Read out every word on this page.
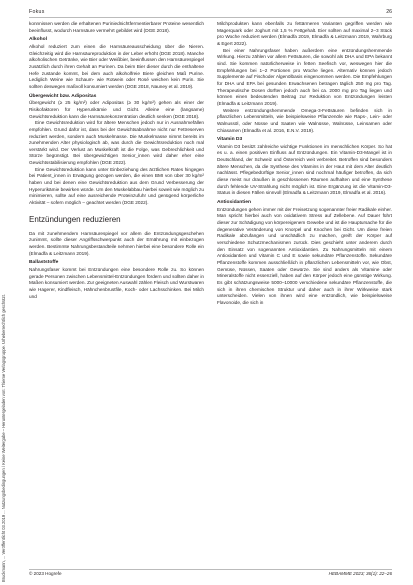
Bruckmann, ... Veröffentlicht 03.2019 ... Nutzungsbedingungen / Keine Weitergabe – Heruntergeladen von: Thieme Verlagsgruppe. Urheberrechtlich geschützt.
Fokus	26

konnnissen werden die erhaltenen Puriniednichtfermentierbarer Proteine wesentlich beeinflusst, wodurch Harnsäure vermehrt gebildet wird (DGE 2018).

Alkohol

Alkohol reduziert zum einen die Harnsäureausscheidung über die Nieren. Gleichzeitig wird die Harnsäureproduktion in der Leber erhöht (DGE 2018). Manche alkoholischen Getränke, wie Bier oder Weißbier, beeinflussen den Harnsäurespiegel zusätzlich durch ihren Gehalt an Purinen. Da beim Bier dieser durch die enthaltene Hefe zustande kommt, bei dem auch alkoholfreie Biere gleichen Maß Purine. Lediglich Weine wie Schaum- wie Rotwein oder Rosé weichen kein Purin. Sie sollten deswegen maßvoll konsumiert werden (DGE 2018, Nauney et al. 2019).

Übergewicht bzw. Adipositas

Übergewicht (≥ 25 kg/m²) oder Adipositas (≥ 30 kg/m²) gehen als einer der Risikofaktoren für Hyperurikämie und Gicht. Alleine eine (langsame) Gewichtsreduktion kann die Harnsäurekonzentration deutlich senken (DGE 2018).

Eine Gewichtsreduktion wird für ältere Menschen jedoch nur in Ausnahmefällen empfohlen. Grund dafür ist, dass bei der Gewichtsabnahme nicht nur Fettreserven reduziert werden, sondern auch Muskelmasse. Die Muskelmasse nimmt bereits im zunehmenden Alter physiologisch ab, was durch die Gewichtsreduktion noch mal verstärkt wird. Der Verlust an Muskelkraft ist die Folge, was Gebrechlichkeit und Stürze begünstigt. Bei übergewichtigen Senior_innen wird daher eher eine Gewichtsstabilisierung empfohlen (DGE 2022).

Eine Gewichtsreduktion kann unter Einbeziehung des ärztlichen Rates hingegen bei Patient_innen in Erwägung gezogen werden, die einen BMI von über 30 kg/m² haben und bei denen eine Gewichtsreduktion aus dem Grund Verbesserung der Hyperurikämie bewirken würde. Um den Muskelabbau hierbei soweit wie möglich zu minimieren, sollte auf eine ausreichende Proteinzufuhr und genügend körperliche Aktivität – sofern möglich – geachtet werden (DGE 2022).

Entzündungen reduzieren

Da mit zunehmendem Harnsäurespiegel vor allem die Entzündungsgeschehen zunimmt, sollte dieser Angriffsschwerpunkt auch der Ernährung mit einbezogen werden. Bestimmte Nahrungsbestandteile nehmen hierbei eine besondere Rolle ein (Elmadfa & Leitzmann 2019).

Ballaststoffe

Nahrungsfaser kommt bei Entzündungen eine besondere Rolle zu. So können gerade Personen zwischen Lebensmittel-Entzündungen fördern und sollten daher in Maßen konsumiert werden. Zur geeigneten Auswahl zählen Fleisch und Wurstwaren wie Hagerer, Kindfleisch, Hähnchenbrustfile, Koch- oder Lachsschinken. Bei Milch und

Milchprodukten kann ebenfalls zu fettärmeren Varianten gegriffen werden wie Magerquark oder Joghurt mit 1,5 % Fettgehalt. Eier sollten auf maximal 2–3 Stück pro Woche reduziert werden (Elmadfa 2019, Elmadfa & Leitzmann 2019, Wahrburg & Egert 2022).

Bei einer Nahrungsfaser haben außerdem eine entzündungshemmende Wirkung. Hierzu zählen vor allem Fettsäuren, die sowohl als DHA und EPA bekannt sind. Sie kommen natürlicherweise in fetten Seefisch vor, weswegen hier die Empfehlungen bei 1–2 Portionen pro Woche liegen. Alternativ können jedoch Supplemente auf Fischoder Algenölbasis eingenommen werden. Die Empfehlungen für DHA und EPA bei gesunden Erwachsenen betragen täglich 250 mg pro Tag. Therapeutische Dosen dürften jedoch auch bei ca. 2000 mg pro Tag liegen und können einen bedeutenden Beitrag zur Reduktion von Entzündungen leisten (Elmadfa & Leitzmann 2019).

Weitere entzündungshemmende Omega-3-Fettsäuren befinden sich in pflanzlichen Lebensmitteln, wie beispielsweise Pflanzenöle wie Raps-, Lein- oder Walnussöl, oder Nüsse und Saaten wie Walnüsse, Walnüsse, Leinsamen oder Chiasamen (Elmadfa et al. 2016, E.N.V. 2019).

Vitamin D3

Vitamin D3 besitzt zahlreiche wichtige Funktionen im menschlichen Körper. So hat es u. a. einen positiven Einfluss auf Entzündungen. Ein Vitamin-D3-Mangel ist in Deutschland, der Schweiz und Österreich weit verbreitet. Betroffen sind besonders ältere Menschen, da die Synthese des Vitamins in der Haut mit dem Alter deutlich nachlässt. Pflegebedürftige Senior_innen sind nochmal häufiger betroffen, da sich diese meist nur draußen in geschlossenen Räumen aufhalten und eine Synthese durch fehlende UV-Strahlung nicht möglich ist. Eine Ergänzung ist die Vitamin-D3-Status in diesen Fällen sinnvoll (Elmadfa & Leitzmann 2019, Elmadfa et al. 2016).

Antioxidantien

Entzündungen gehen immer mit der Freisetzung sogenannter freier Radikale einher. Man spricht hierbei auch von oxidativem Stress auf Zellebene. Auf Dauer führt dieser zur Schädigung von körpereigenem Gewebe und ist die Hauptursache für die degenerative Veränderung von Knorpel und Knochen bei Gicht. Um diese freien Radikale abzufangen und unschädlich zu machen, greift der Körper auf verschiedene Schutzmechanismen zurück. Dies geschieht unter anderem durch den Einsatz von sogenannten Antioxidantien. Zu Nahrungsmitteln mit einem Antioxidantien und Vitamin C und E sowie sekundäre Pflanzenstoffe. Sekundäre Pflanzenstoffe kommen ausschließlich in pflanzlichen Lebensmitteln vor, wie Obst, Gemüse, Nüssen, Saaten oder Gewürze. Sie sind anders als Vitamine oder Mineralstoffe nicht essenziell, haben auf den Körper jedoch eine günstige Wirkung. Es gibt schätzungsweise 5000–10000 verschiedene sekundäre Pflanzenstoffe, die sich in ihren chemischen Struktur und daher auch in ihrer Wirkweise stark unterscheiden. Vielen von ihnen wird eine entzündlich, wie beispielsweise Flavonoide, die sich in

© 2023 Hogrefe	HEBAMME 2023; 36(1): 22–26
